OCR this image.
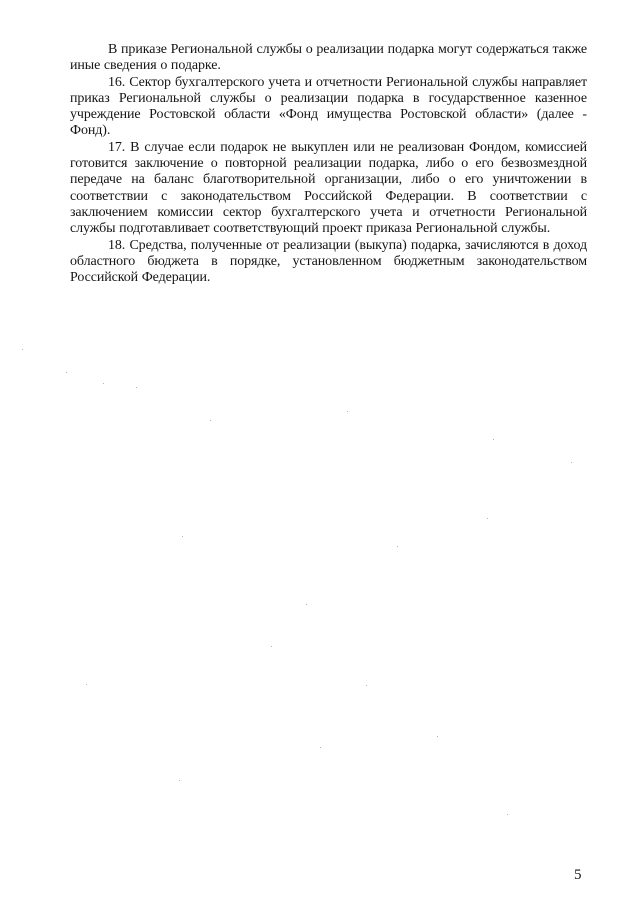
В приказе Региональной службы о реализации подарка могут содержаться также иные сведения о подарке.

16. Сектор бухгалтерского учета и отчетности Региональной службы направляет приказ Региональной службы о реализации подарка в государственное казенное учреждение Ростовской области «Фонд имущества Ростовской области» (далее - Фонд).

17. В случае если подарок не выкуплен или не реализован Фондом, комиссией готовится заключение о повторной реализации подарка, либо о его безвозмездной передаче на баланс благотворительной организации, либо о его уничтожении в соответствии с законодательством Российской Федерации. В соответствии с заключением комиссии сектор бухгалтерского учета и отчетности Региональной службы подготавливает соответствующий проект приказа Региональной службы.

18. Средства, полученные от реализации (выкупа) подарка, зачисляются в доход областного бюджета в порядке, установленном бюджетным законодательством Российской Федерации.

5
